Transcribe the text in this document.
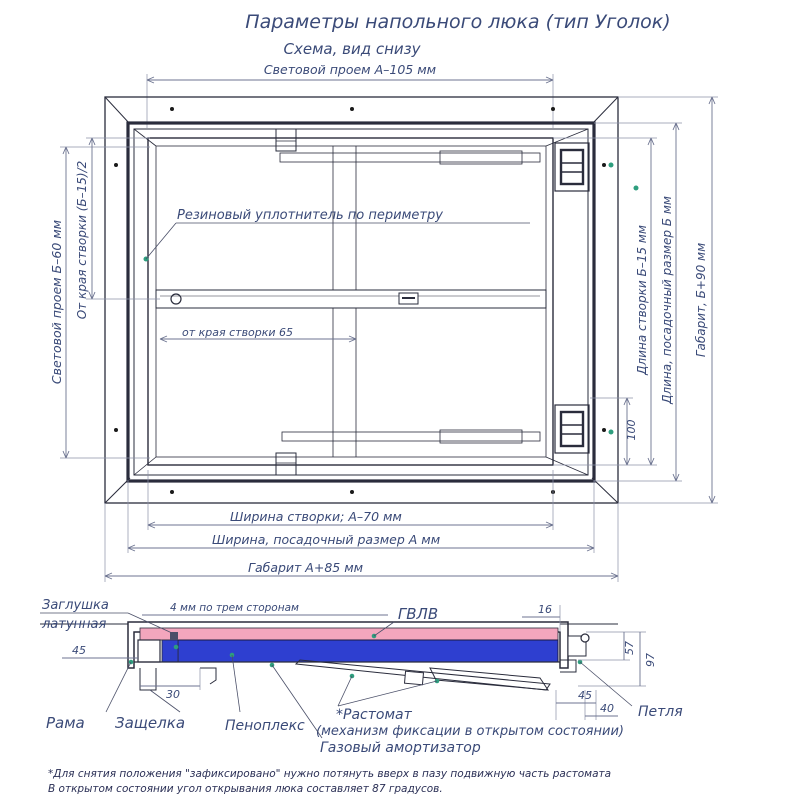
Параметры напольного люка (тип Уголок)
Схема, вид снизу
Световой проем А–105 мм
Резиновый уплотнитель по периметру
от края створки 65
Ширина створки; А–70 мм
Ширина, посадочный размер А мм
Габарит А+85 мм
Световой проем Б–60 мм От края створки (Б–15)/2
100
Длина створки Б–15 мм Длина, посадочный размер Б мм Габарит, Б+90 мм
Заглушка
латунная
4 мм по трем сторонам	ГВЛВ	16
45
30
57
97
45
40
Рама Защелка	Пеноплекс
*Растомат
(механизм фиксации в открытом состоянии)
Газовый амортизатор
Петля
*Для снятия положения "зафиксировано" нужно потянуть вверх в пазу подвижную часть растомата
В открытом состоянии угол открывания люка составляет 87 градусов.
